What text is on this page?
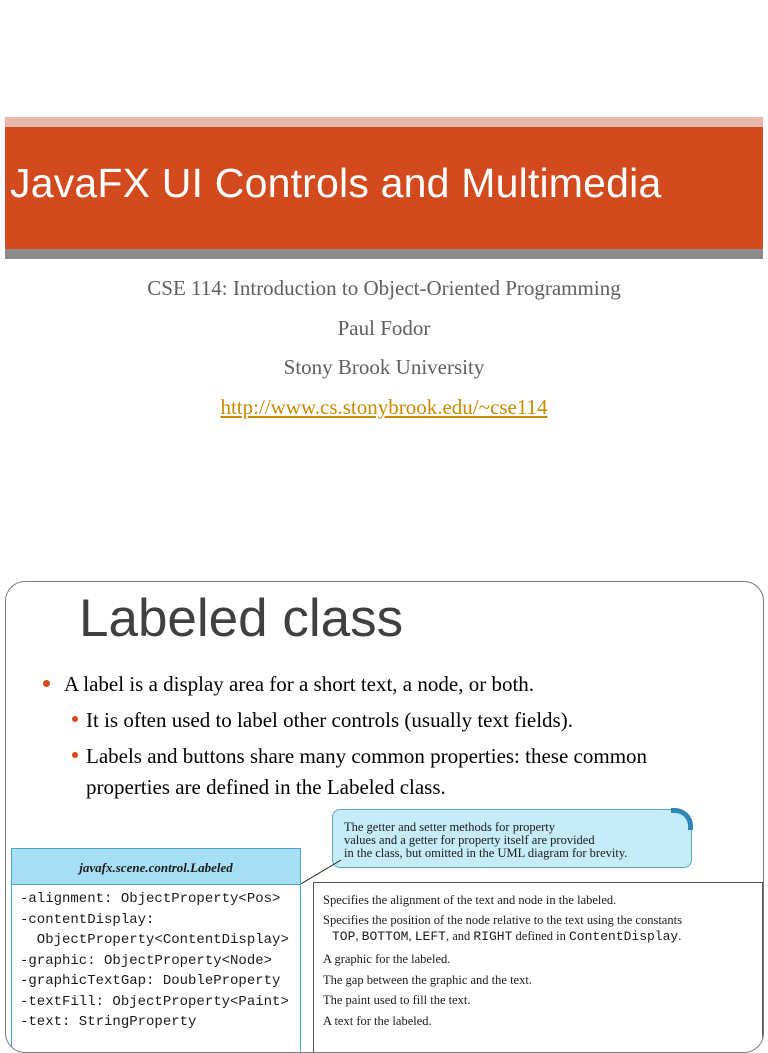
JavaFX UI Controls and Multimedia
CSE 114: Introduction to Object-Oriented Programming
Paul Fodor
Stony Brook University
http://www.cs.stonybrook.edu/~cse114
Labeled class
A label is a display area for a short text, a node, or both.
It is often used to label other controls (usually text fields).
Labels and buttons share many common properties: these common
properties are defined in the Labeled class.
The getter and setter methods for property
values and a getter for property itself are provided
in the class, but omitted in the UML diagram for brevity.
javafx.scene.control.Labeled
-alignment: ObjectProperty<Pos>
-contentDisplay:
ObjectProperty<ContentDisplay>
-graphic: ObjectProperty<Node>
-graphicTextGap: DoubleProperty
-textFill: ObjectProperty<Paint>
-text: StringProperty
Specifies the alignment of the text and node in the labeled.
Specifies the position of the node relative to the text using the constants
TOP, BOTTOM, LEFT, and RIGHT defined in ContentDisplay.
A graphic for the labeled.
The gap between the graphic and the text.
The paint used to fill the text.
A text for the labeled.
